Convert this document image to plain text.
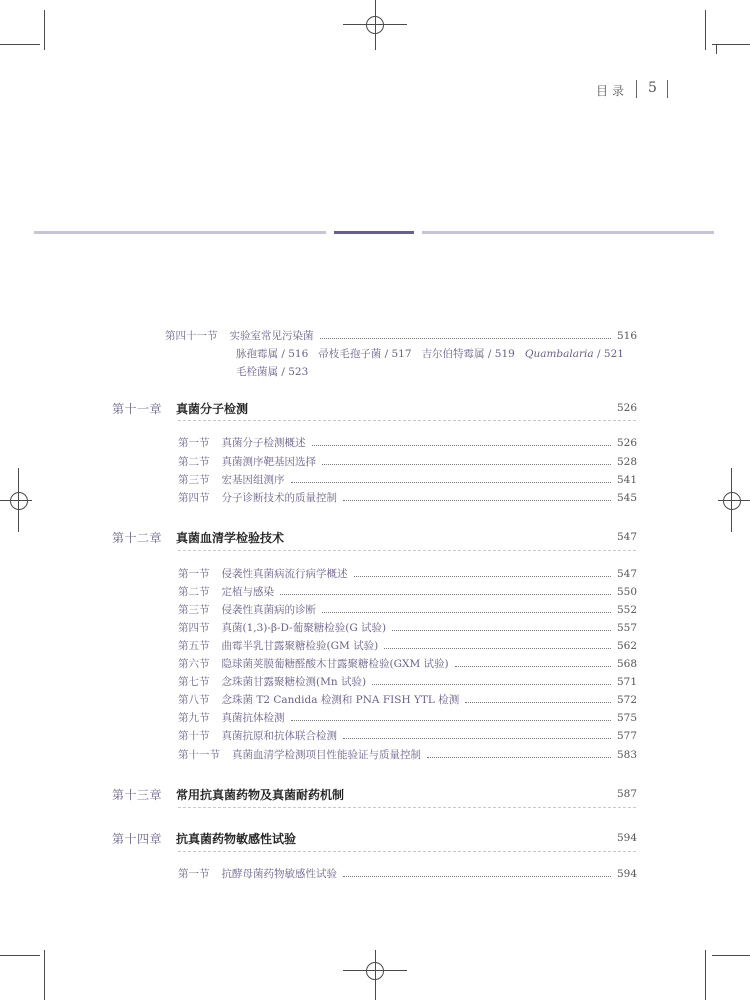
目录 5
第四十一节 实验室常见污染菌	516
脉孢霉属 / 516 帚枝毛孢子菌 / 517 吉尔伯特霉属 / 519 Quambalaria / 521
毛栓菌属 / 523
第十一章 真菌分子检测	526
第一节 真菌分子检测概述	526
第二节 真菌测序靶基因选择	528
第三节 宏基因组测序	541
第四节 分子诊断技术的质量控制	545
第十二章 真菌血清学检验技术	547
第一节 侵袭性真菌病流行病学概述	547
第二节 定植与感染	550
第三节 侵袭性真菌病的诊断	552
第四节 真菌(1,3)-β-D-葡聚糖检验(G 试验)	557
第五节 曲霉半乳甘露聚糖检验(GM 试验)	562
第六节 隐球菌荚膜葡糖醛酸木甘露聚糖检验(GXM 试验)	568
第七节 念珠菌甘露聚糖检测(Mn 试验)	571
第八节 念珠菌 T2 Candida 检测和 PNA FISH YTL 检测	572
第九节 真菌抗体检测	575
第十节 真菌抗原和抗体联合检测	577
第十一节 真菌血清学检测项目性能验证与质量控制	583
第十三章 常用抗真菌药物及真菌耐药机制	587
第十四章 抗真菌药物敏感性试验	594
第一节 抗酵母菌药物敏感性试验	594
